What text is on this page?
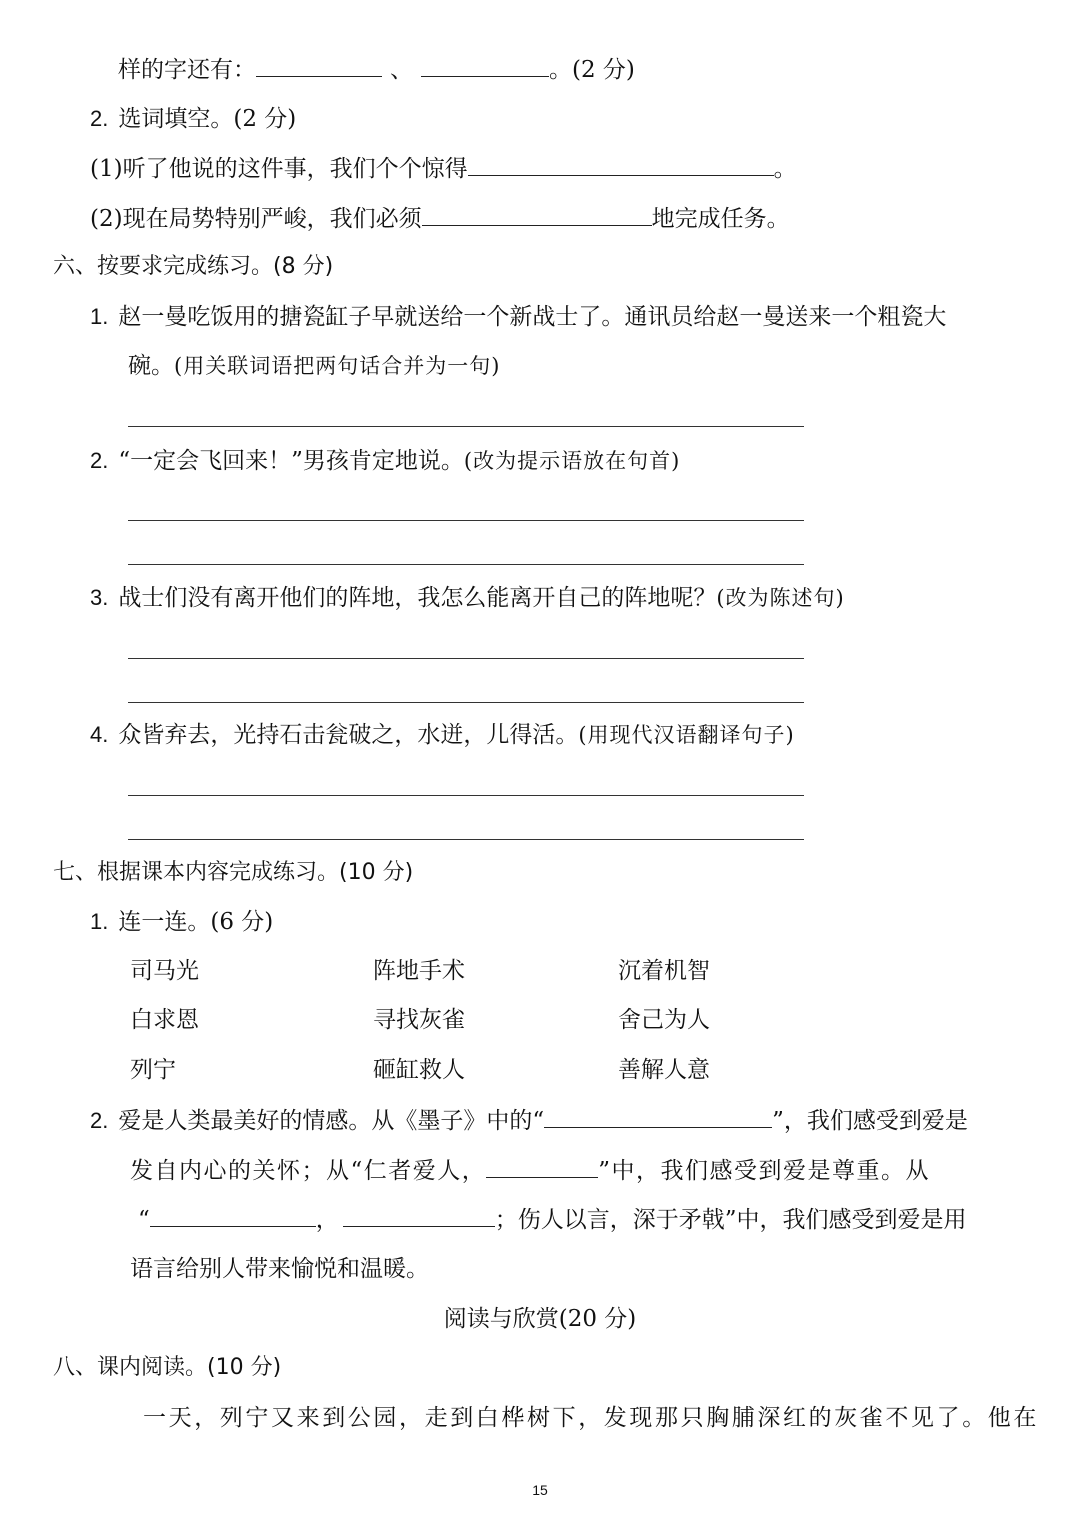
样的字还有：	、	。(2 分)
2. 选词填空。(2 分)
(1)听了他说的这件事，我们个个惊得	。
(2)现在局势特别严峻，我们必须	地完成任务。
六、按要求完成练习。(8 分)
1. 赵一曼吃饭用的搪瓷缸子早就送给一个新战士了。通讯员给赵一曼送来一个粗瓷大
碗。(用关联词语把两句话合并为一句)
2. “一定会飞回来！”男孩肯定地说。(改为提示语放在句首)
3. 战士们没有离开他们的阵地，我怎么能离开自己的阵地呢？(改为陈述句)
4. 众皆弃去，光持石击瓮破之，水迸，儿得活。(用现代汉语翻译句子)
七、根据课本内容完成练习。(10 分)
1. 连一连。(6 分)
司马光	阵地手术	沉着机智
白求恩	寻找灰雀	舍己为人
列宁	砸缸救人	善解人意
2. 爱是人类最美好的情感。从《墨子》中的“	”，我们感受到爱是
发自内心的关怀；从“仁者爱人，	”中，我们感受到爱是尊重。从
“	，	；伤人以言，深于矛戟”中，我们感受到爱是用
语言给别人带来愉悦和温暖。
阅读与欣赏(20 分)
八、课内阅读。(10 分)
一天，列宁又来到公园，走到白桦树下，发现那只胸脯深红的灰雀不见了。他在
15
